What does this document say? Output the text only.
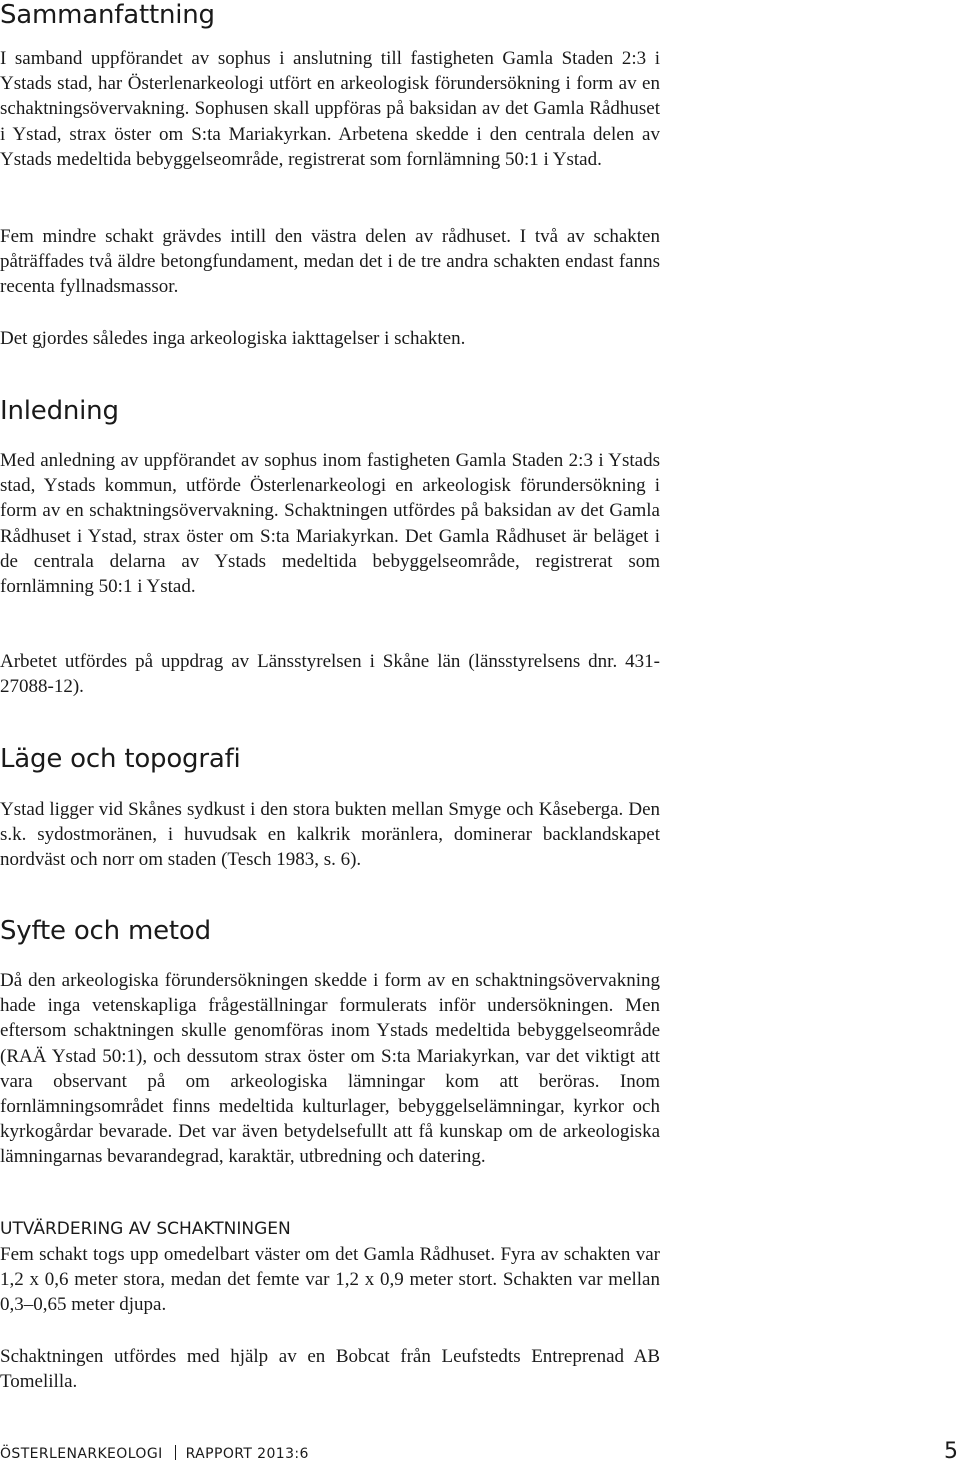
Sammanfattning

I samband uppförandet av sophus i anslutning till fastigheten Gamla Staden 2:3 i Ystads stad, har Österlenarkeologi utfört en arkeologisk förundersökning i form av en schaktningsövervakning. Sophusen skall uppföras på baksidan av det Gamla Rådhuset i Ystad, strax öster om S:ta Mariakyrkan. Arbetena skedde i den centrala delen av Ystads medeltida bebyggelseområde, registrerat som fornlämning 50:1 i Ystad.

Fem mindre schakt grävdes intill den västra delen av rådhuset. I två av schakten påträffades två äldre betongfundament, medan det i de tre andra schakten endast fanns recenta fyllnadsmassor.

Det gjordes således inga arkeologiska iakttagelser i schakten.

Inledning

Med anledning av uppförandet av sophus inom fastigheten Gamla Staden 2:3 i Ystads stad, Ystads kommun, utförde Österlenarkeologi en arkeologisk förundersökning i form av en schaktningsövervakning. Schaktningen utfördes på baksidan av det Gamla Rådhuset i Ystad, strax öster om S:ta Mariakyrkan. Det Gamla Rådhuset är beläget i de centrala delarna av Ystads medeltida bebyggelseområde, registrerat som fornlämning 50:1 i Ystad.

Arbetet utfördes på uppdrag av Länsstyrelsen i Skåne län (länsstyrelsens dnr. 431-27088-12).

Läge och topografi

Ystad ligger vid Skånes sydkust i den stora bukten mellan Smyge och Kåseberga. Den s.k. sydostmoränen, i huvudsak en kalkrik moränlera, dominerar backlandskapet nordväst och norr om staden (Tesch 1983, s. 6).

Syfte och metod

Då den arkeologiska förundersökningen skedde i form av en schaktningsövervakning hade inga vetenskapliga frågeställningar formulerats inför undersökningen. Men eftersom schaktningen skulle genomföras inom Ystads medeltida bebyggelseområde (RAÄ Ystad 50:1), och dessutom strax öster om S:ta Mariakyrkan, var det viktigt att vara observant på om arkeologiska lämningar kom att beröras. Inom fornlämningsområdet finns medeltida kulturlager, bebyggelselämningar, kyrkor och kyrkogårdar bevarade. Det var även betydelsefullt att få kunskap om de arkeologiska lämningarnas bevarandegrad, karaktär, utbredning och datering.

UTVÄRDERING AV SCHAKTNINGEN

Fem schakt togs upp omedelbart väster om det Gamla Rådhuset. Fyra av schakten var 1,2 x 0,6 meter stora, medan det femte var 1,2 x 0,9 meter stort. Schakten var mellan 0,3–0,65 meter djupa.

Schaktningen utfördes med hjälp av en Bobcat från Leufstedts Entreprenad AB Tomelilla.

ÖSTERLENARKEOLOGI RAPPORT 2013:6	5
